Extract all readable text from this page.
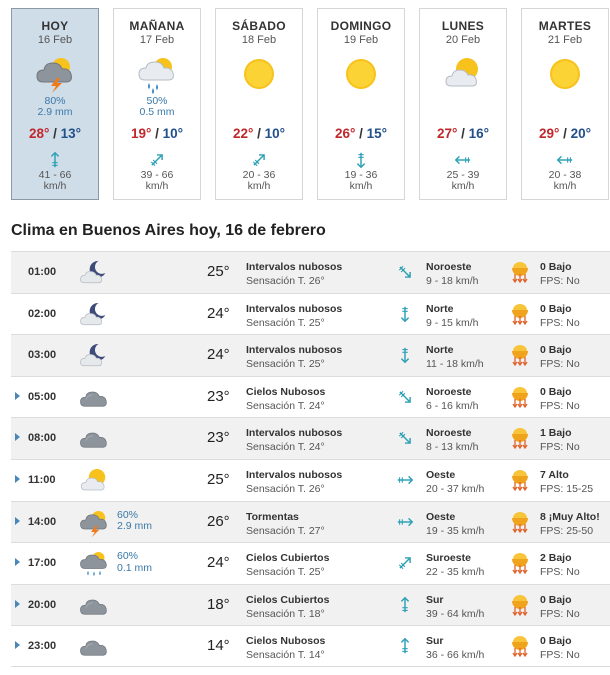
HOY
16 Feb
80%
2.9 mm
28° / 13°
41 - 66
km/h
MAÑANA
17 Feb
50%
0.5 mm
19° / 10°
39 - 66
km/h
SÁBADO
18 Feb
22° / 10°
20 - 36
km/h
DOMINGO
19 Feb
26° / 15°
19 - 36
km/h
LUNES
20 Feb
27° / 16°
25 - 39
km/h
MARTES
21 Feb
29° / 20°
20 - 38
km/h
Clima en Buenos Aires hoy, 16 de febrero
01:00	25° Intervalos nubosos
Sensación T. 26°
Noroeste
9 - 18 km/h
0 Bajo
FPS: No
02:00	24° Intervalos nubosos
Sensación T. 25°
Norte
9 - 15 km/h
0 Bajo
FPS: No
03:00	24° Intervalos nubosos
Sensación T. 25°
Norte
11 - 18 km/h
0 Bajo
FPS: No
05:00	23° Cielos Nubosos
Sensación T. 24°
Noroeste
6 - 16 km/h
0 Bajo
FPS: No
08:00	23° Intervalos nubosos
Sensación T. 24°
Noroeste
8 - 13 km/h
1 Bajo
FPS: No
11:00	25° Intervalos nubosos
Sensación T. 26°
Oeste
20 - 37 km/h
7 Alto
FPS: 15-25
14:00
60%
2.9 mm	26° Tormentas
Sensación T. 27°
Oeste
19 - 35 km/h
8 ¡Muy Alto!
FPS: 25-50
17:00
60%
0.1 mm	24° Cielos Cubiertos
Sensación T. 25°
Suroeste
22 - 35 km/h
2 Bajo
FPS: No
20:00	18° Cielos Cubiertos
Sensación T. 18°
Sur
39 - 64 km/h
0 Bajo
FPS: No
23:00	14° Cielos Nubosos
Sensación T. 14°
Sur
36 - 66 km/h
0 Bajo
FPS: No
